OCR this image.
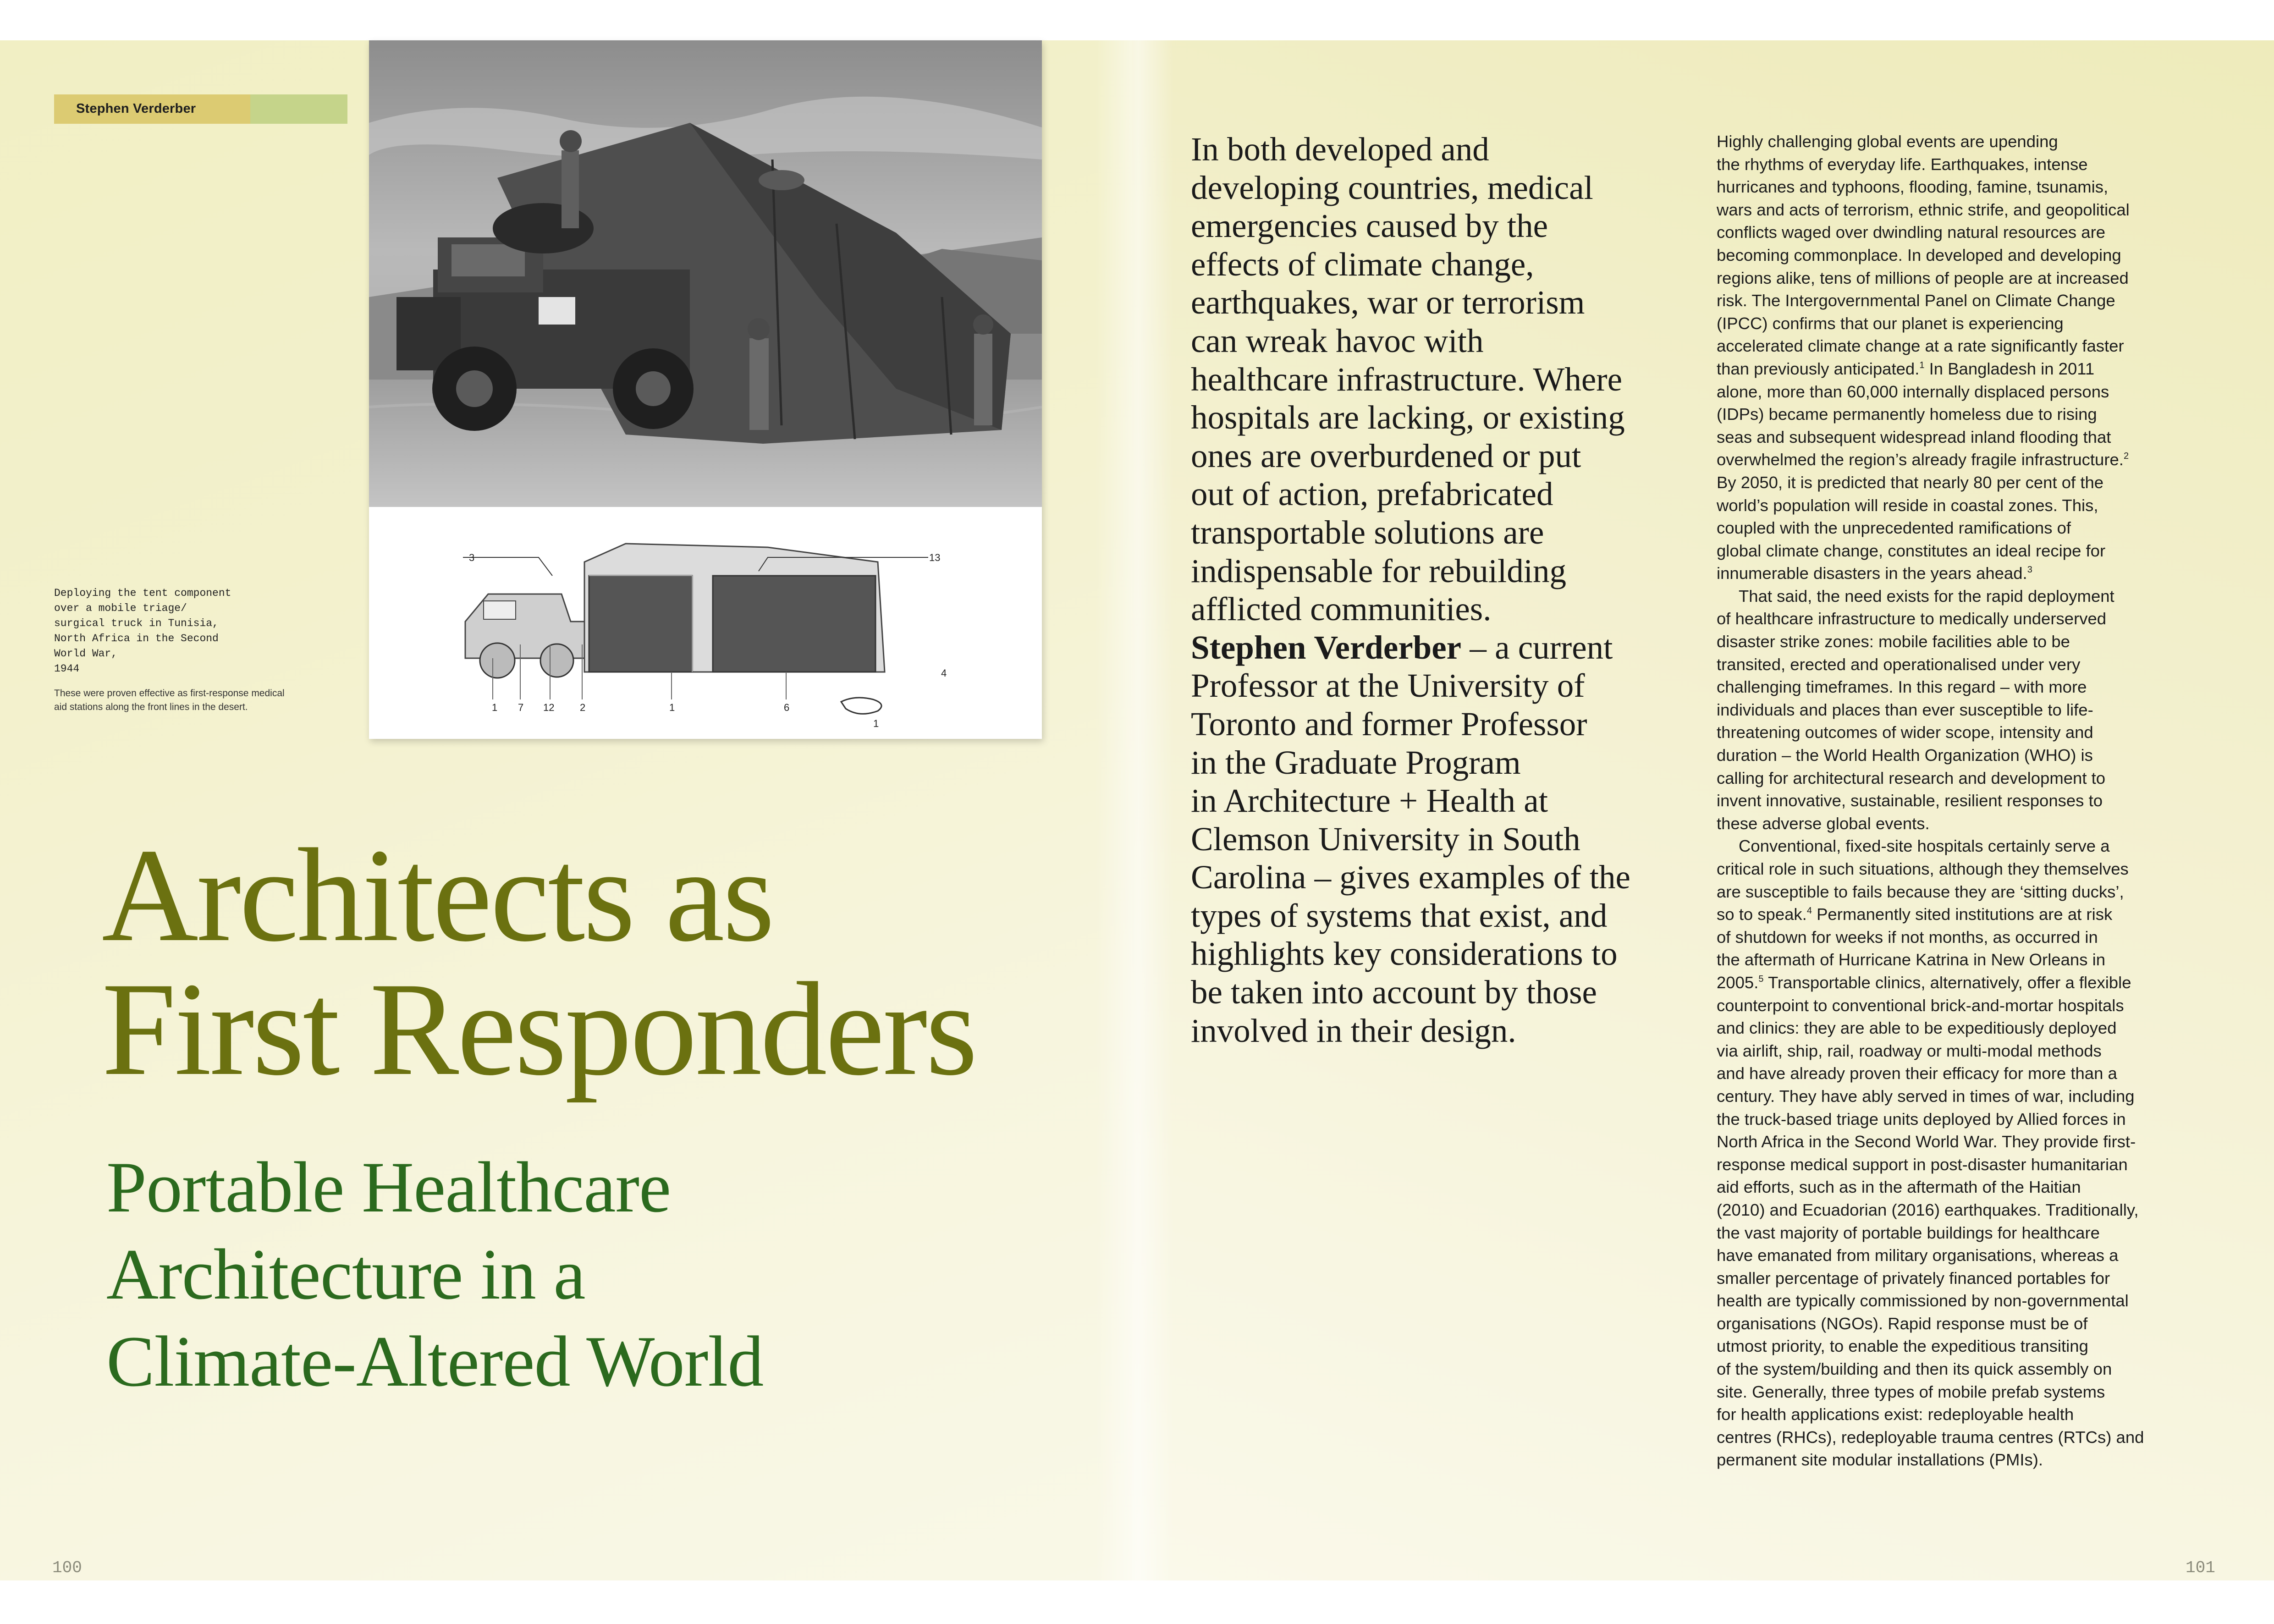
Stephen Verderber
3	13
7 12	2	1	6
1
4
1
Deploying the tent component
over a mobile triage/
surgical truck in Tunisia,
North Africa in the Second
World War,
1944
These were proven effective as first-response medical aid stations along the front lines in the desert.
Architects as
First Responders
Portable Healthcare
Architecture in a
Climate-Altered World
100	101
In both developed and
developing countries, medical
emergencies caused by the
effects of climate change,
earthquakes, war or terrorism
can wreak havoc with
healthcare infrastructure. Where
hospitals are lacking, or existing
ones are overburdened or put
out of action, prefabricated
transportable solutions are
indispensable for rebuilding
afflicted communities.
Stephen Verderber – a current
Professor at the University of
Toronto and former Professor
in the Graduate Program
in Architecture + Health at
Clemson University in South
Carolina – gives examples of the
types of systems that exist, and
highlights key considerations to
be taken into account by those
involved in their design.
Highly challenging global events are upending
the rhythms of everyday life. Earthquakes, intense
hurricanes and typhoons, flooding, famine, tsunamis,
wars and acts of terrorism, ethnic strife, and geopolitical
conflicts waged over dwindling natural resources are
becoming commonplace. In developed and developing
regions alike, tens of millions of people are at increased
risk. The Intergovernmental Panel on Climate Change
(IPCC) confirms that our planet is experiencing
accelerated climate change at a rate significantly faster
than previously anticipated.$^1$ In Bangladesh in 2011
alone, more than 60,000 internally displaced persons
(IDPs) became permanently homeless due to rising
seas and subsequent widespread inland flooding that
overwhelmed the region’s already fragile infrastructure.$^2$
By 2050, it is predicted that nearly 80 per cent of the
world’s population will reside in coastal zones. This,
coupled with the unprecedented ramifications of
global climate change, constitutes an ideal recipe for
innumerable disasters in the years ahead.$^3$
That said, the need exists for the rapid deployment
of healthcare infrastructure to medically underserved
disaster strike zones: mobile facilities able to be
transited, erected and operationalised under very
challenging timeframes. In this regard – with more
individuals and places than ever susceptible to life-
threatening outcomes of wider scope, intensity and
duration – the World Health Organization (WHO) is
calling for architectural research and development to
invent innovative, sustainable, resilient responses to
these adverse global events.
Conventional, fixed-site hospitals certainly serve a
critical role in such situations, although they themselves
are susceptible to fails because they are ‘sitting ducks’,
so to speak.$^4$ Permanently sited institutions are at risk
of shutdown for weeks if not months, as occurred in
the aftermath of Hurricane Katrina in New Orleans in
2005.$^5$ Transportable clinics, alternatively, offer a flexible
counterpoint to conventional brick-and-mortar hospitals
and clinics: they are able to be expeditiously deployed
via airlift, ship, rail, roadway or multi-modal methods
and have already proven their efficacy for more than a
century. They have ably served in times of war, including
the truck-based triage units deployed by Allied forces in
North Africa in the Second World War. They provide first-
response medical support in post-disaster humanitarian
aid efforts, such as in the aftermath of the Haitian
(2010) and Ecuadorian (2016) earthquakes. Traditionally,
the vast majority of portable buildings for healthcare
have emanated from military organisations, whereas a
smaller percentage of privately financed portables for
health are typically commissioned by non-governmental
organisations (NGOs). Rapid response must be of
utmost priority, to enable the expeditious transiting
of the system/building and then its quick assembly on
site. Generally, three types of mobile prefab systems
for health applications exist: redeployable health
centres (RHCs), redeployable trauma centres (RTCs) and
permanent site modular installations (PMIs).
